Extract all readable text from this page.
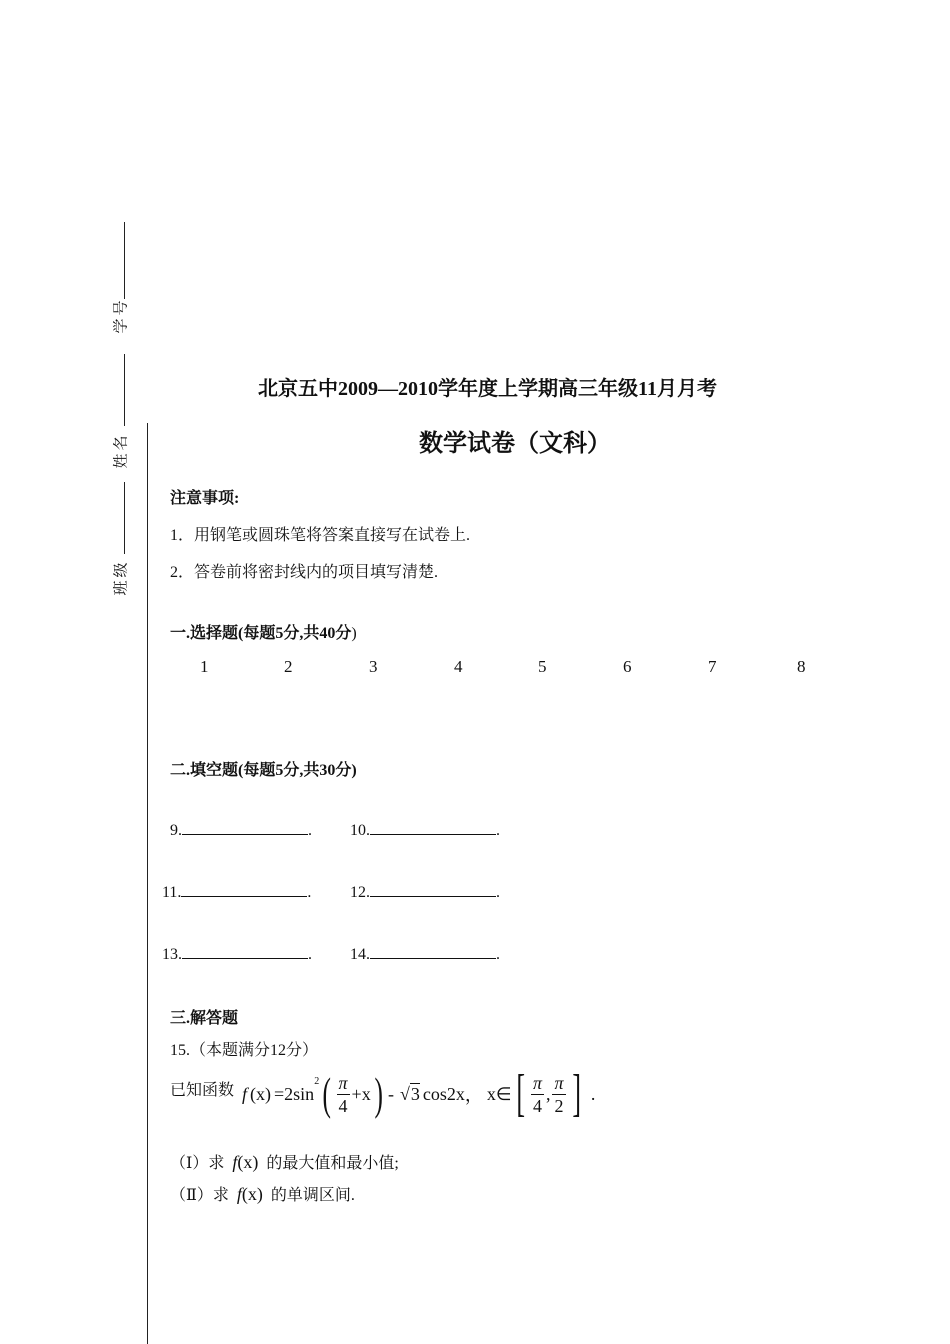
学号
姓名
班级
北京五中2009—2010学年度上学期高三年级11月月考
数学试卷（文科）
注意事项:
1．用钢笔或圆珠笔将答案直接写在试卷上.
2．答卷前将密封线内的项目填写清楚.
一.选择题(每题5分,共40分)
1	2	3	4	5	6	7	8
二.填空题(每题5分,共30分)
9.	. 10.	.
11.	. 12.	.
13.	. 14.	.
三.解答题
15.（本题满分12分）
已知函数 f (x) =2sin
$^2$ ( $\frac{\pi}{4} +x$ ) - √ 3 cos2x ， x∈ [ $\frac{\pi}{4}$ , $\frac{\pi}{2}$ ] .
（Ⅰ）求 f(x) 的最大值和最小值;
（Ⅱ）求 f(x) 的单调区间.
